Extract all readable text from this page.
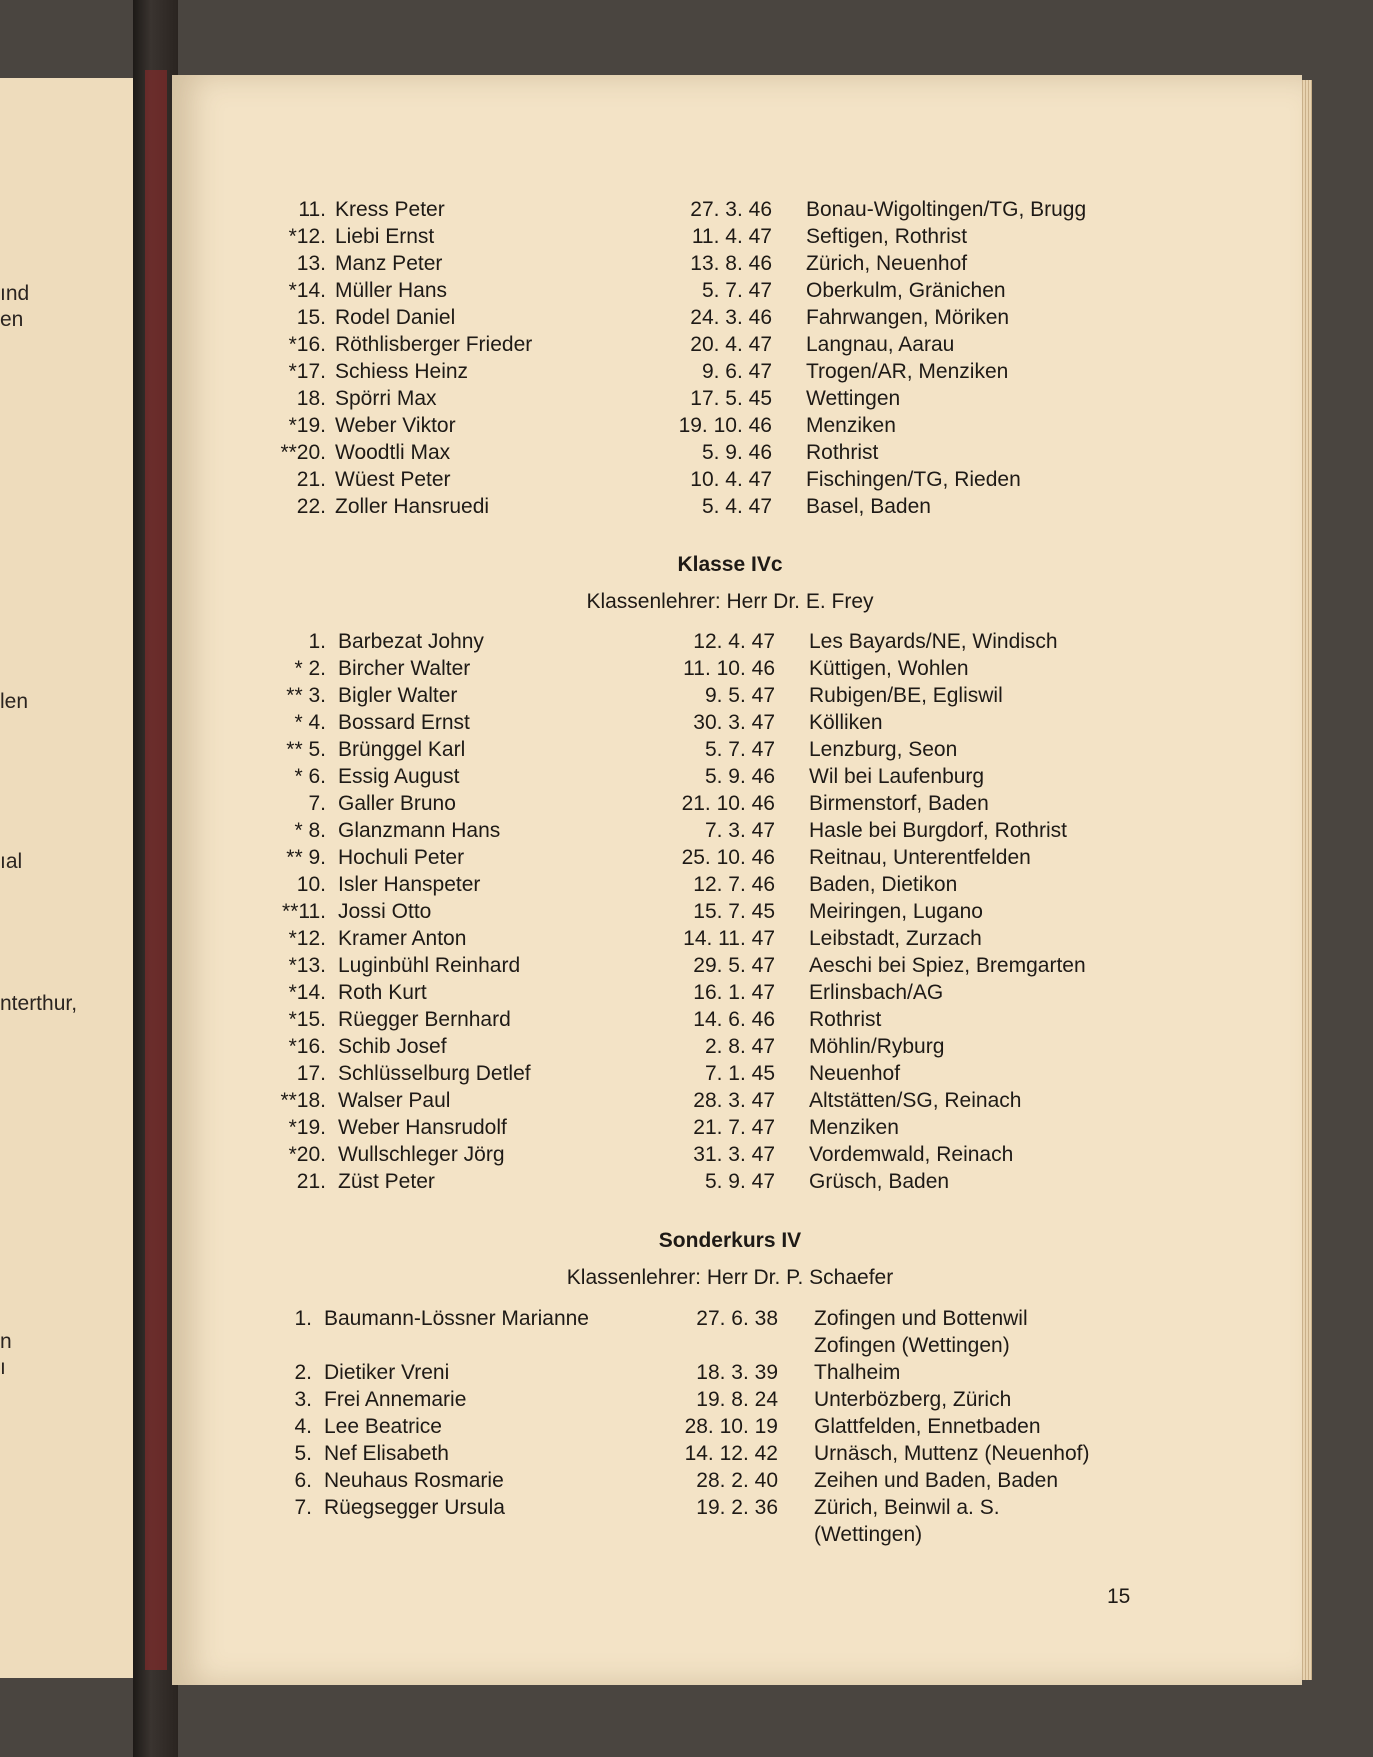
ınd
en
len
ıal
nterthur,
n
ı
Klasse IVc
Klassenlehrer: Herr Dr. E. Frey
Sonderkurs IV
Klassenlehrer: Herr Dr. P. Schaefer
15
11. Kress Peter	27. 3. 46 Bonau-Wigoltingen/TG, Brugg
*12. Liebi Ernst	11. 4. 47 Seftigen, Rothrist
13. Manz Peter	13. 8. 46 Zürich, Neuenhof
*14. Müller Hans	5. 7. 47 Oberkulm, Gränichen
15. Rodel Daniel	24. 3. 46 Fahrwangen, Möriken
*16. Röthlisberger Frieder	20. 4. 47 Langnau, Aarau
*17. Schiess Heinz	9. 6. 47 Trogen/AR, Menziken
18. Spörri Max	17. 5. 45 Wettingen
*19. Weber Viktor	19. 10. 46 Menziken
**20. Woodtli Max	5. 9. 46 Rothrist
21. Wüest Peter	10. 4. 47 Fischingen/TG, Rieden
22. Zoller Hansruedi	5. 4. 47 Basel, Baden
1. Barbezat Johny	12. 4. 47 Les Bayards/NE, Windisch
* 2. Bircher Walter	11. 10. 46 Küttigen, Wohlen
** 3. Bigler Walter	9. 5. 47 Rubigen/BE, Egliswil
* 4. Bossard Ernst	30. 3. 47 Kölliken
** 5. Brünggel Karl	5. 7. 47 Lenzburg, Seon
* 6. Essig August	5. 9. 46 Wil bei Laufenburg
7. Galler Bruno	21. 10. 46 Birmenstorf, Baden
* 8. Glanzmann Hans	7. 3. 47 Hasle bei Burgdorf, Rothrist
** 9. Hochuli Peter	25. 10. 46 Reitnau, Unterentfelden
10. Isler Hanspeter	12. 7. 46 Baden, Dietikon
**11. Jossi Otto	15. 7. 45 Meiringen, Lugano
*12. Kramer Anton	14. 11. 47 Leibstadt, Zurzach
*13. Luginbühl Reinhard	29. 5. 47 Aeschi bei Spiez, Bremgarten
*14. Roth Kurt	16. 1. 47 Erlinsbach/AG
*15. Rüegger Bernhard	14. 6. 46 Rothrist
*16. Schib Josef	2. 8. 47 Möhlin/Ryburg
17. Schlüsselburg Detlef	7. 1. 45 Neuenhof
**18. Walser Paul	28. 3. 47 Altstätten/SG, Reinach
*19. Weber Hansrudolf	21. 7. 47 Menziken
*20. Wullschleger Jörg	31. 3. 47 Vordemwald, Reinach
21. Züst Peter	5. 9. 47 Grüsch, Baden
1. Baumann-Lössner Marianne	27. 6. 38 Zofingen und Bottenwil
Zofingen (Wettingen)
2. Dietiker Vreni	18. 3. 39 Thalheim
3. Frei Annemarie	19. 8. 24 Unterbözberg, Zürich
4. Lee Beatrice	28. 10. 19 Glattfelden, Ennetbaden
5. Nef Elisabeth	14. 12. 42 Urnäsch, Muttenz (Neuenhof)
6. Neuhaus Rosmarie	28. 2. 40 Zeihen und Baden, Baden
7. Rüegsegger Ursula	19. 2. 36 Zürich, Beinwil a. S.
(Wettingen)
